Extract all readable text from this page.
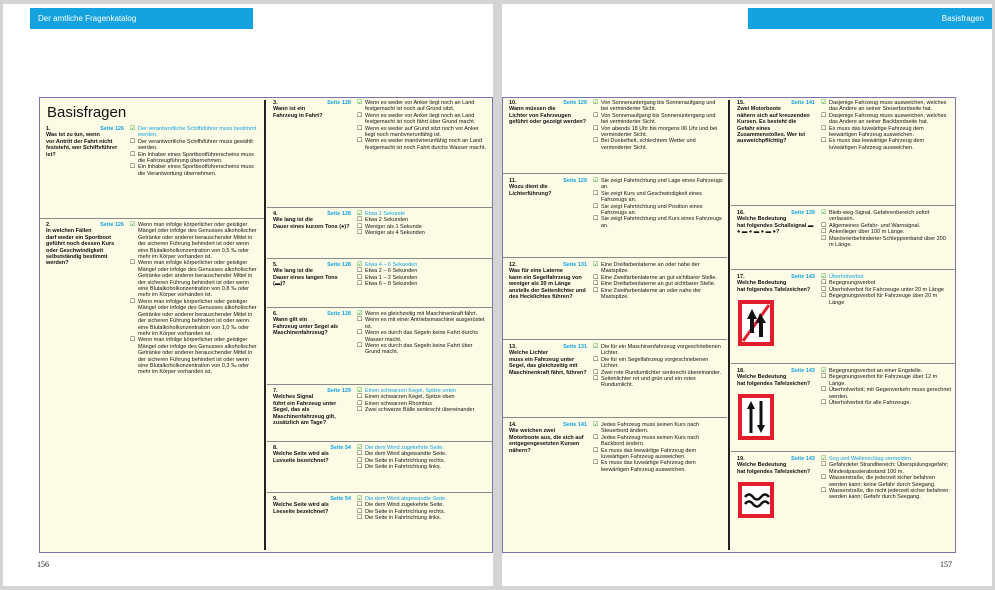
Der amtliche Fragenkatalog
Basisfragen
1.	Seite 126
Was ist zu tun, wenn vor Antritt der Fahrt nicht feststeht, wer Schiffsführer ist?
☑ Der verantwortliche Schiffsführer muss bestimmt werden.
☐ Der verantwortliche Schiffsführer muss gewählt werden.
☐ Ein Inhaber eines Sportbootführerscheins muss die Fahrzeugführung übernehmen.
☐ Ein Inhaber eines Sportbootführerscheins muss die Verantwortung übernehmen.
2.	Seite 126
In welchen Fällen darf weder ein Sportboot geführt noch dessen Kurs oder Geschwindigkeit selbstständig bestimmt werden?
☑ Wenn man infolge körperlicher oder geistiger Mängel oder infolge des Genusses alkoholischer Getränke oder anderer berauschender Mittel in der sicheren Führung behindert ist oder wenn eine Blutalkoholkonzentration von 0,5 ‰ oder mehr im Körper vorhanden ist.
☐ Wenn man infolge körperlicher oder geistiger Mängel oder infolge des Genusses alkoholischer Getränke oder anderer berauschender Mittel in der sicheren Führung behindert ist oder wenn eine Blutalkoholkonzentration von 0,8 ‰ oder mehr im Körper vorhanden ist.
☐ Wenn man infolge körperlicher oder geistiger Mängel oder infolge des Genusses alkoholischer Getränke oder anderer berauschender Mittel in der sicheren Führung behindert ist oder wenn eine Blutalkoholkonzentration von 1,0 ‰ oder mehr im Körper vorhanden ist.
☐ Wenn man infolge körperlicher oder geistiger Mängel oder infolge des Genusses alkoholischer Getränke oder anderer berauschender Mittel in der sicheren Führung behindert ist oder wenn eine Blutalkoholkonzentration von 0,3 ‰ oder mehr im Körper vorhanden ist.
3.	Seite 128
Wann ist ein Fahrzeug in Fahrt?
☑ Wenn es weder vor Anker liegt noch an Land festgemacht ist noch auf Grund sitzt.
☐ Wenn es weder vor Anker liegt noch an Land festgemacht ist noch fährt über Grund macht.
☐ Wenn es weder auf Grund sitzt noch vor Anker liegt noch manövrierunfähig ist.
☐ Wenn es weder manövrierunfähig noch an Land festgemacht ist noch Fahrt durchs Wasser macht.
4.	Seite 128
Wie lang ist die Dauer eines kurzen Tons (●)?
☑ Etwa 1 Sekunde
☐ Etwa 2 Sekunden
☐ Weniger als 1 Sekunde
☐ Weniger als 4 Sekunden
5.	Seite 128
Wie lang ist die Dauer eines langen Tons (▬)?
☑ Etwa 4 – 6 Sekunden
☐ Etwa 2 – 6 Sekunden
☐ Etwa 1 – 2 Sekunden
☐ Etwa 6 – 8 Sekunden
6.	Seite 128
Wann gilt ein Fahrzeug unter Segel als Maschinenfahrzeug?
☑ Wenn es gleichzeitig mit Maschinenkraft fährt.
☐ Wenn es mit einer Antriebsmaschine ausgerüstet ist.
☐ Wenn es durch das Segeln keine Fahrt durchs Wasser macht.
☐ Wenn es durch das Segeln keine Fahrt über Grund macht.
7.	Seite 129
Welches Signal führt ein Fahrzeug unter Segel, das als Maschinenfahrzeug gilt, zusätzlich am Tage?
☑ Einen schwarzen Kegel, Spitze unten
☐ Einen schwarzen Kegel, Spitze oben
☐ Einen schwarzen Rhombus
☐ Zwei schwarze Bälle senkrecht übereinander
8.	Seite 54
Welche Seite wird als Luvseite bezeichnet?
☑ Die dem Wind zugekehrte Seite.
☐ Die dem Wind abgewandte Seite.
☐ Die Seite in Fahrtrichtung rechts.
☐ Die Seite in Fahrtrichtung links.
9.	Seite 54
Welche Seite wird als Leeseite bezeichnet?
☑ Die dem Wind abgewandte Seite.
☐ Die dem Wind zugekehrte Seite.
☐ Die Seite in Fahrtrichtung rechts.
☐ Die Seite in Fahrtrichtung links.
156
Basisfragen
10.	Seite 129
Wann müssen die Lichter von Fahrzeugen geführt oder gezeigt werden?
☑ Von Sonnenuntergang bis Sonnenaufgang und bei verminderter Sicht.
☐ Von Sonnenaufgang bis Sonnenuntergang und bei verminderter Sicht.
☐ Von abends 18 Uhr bis morgens 06 Uhr und bei verminderter Sicht.
☐ Bei Dunkelheit, schlechtem Wetter und verminderter Sicht.
11.	Seite 129
Wozu dient die Lichterführung?
☑ Sie zeigt Fahrtrichtung und Lage eines Fahrzeugs an.
☐ Sie zeigt Kurs und Geschwindigkeit eines Fahrzeugs an.
☐ Sie zeigt Fahrtrichtung und Position eines Fahrzeugs an.
☐ Sie zeigt Fahrtrichtung und Kurs eines Fahrzeugs an.
12.	Seite 131
Was für eine Laterne kann ein Segelfahrzeug von weniger als 20 m Länge anstelle der Seitenlichter und des Hecklichtes führen?
☑ Eine Dreifarbenlaterne an oder nahe der Mastspitze.
☐ Eine Zweifarbenlaterne an gut sichtbarer Stelle.
☐ Eine Dreifarbenlaterne an gut sichtbarer Stelle.
☐ Eine Zweifarbenlaterne an oder nahe der Mastspitze.
13.	Seite 131
Welche Lichter muss ein Fahrzeug unter Segel, das gleichzeitig mit Maschinenkraft fährt, führen?
☑ Die für ein Maschinenfahrzeug vorgeschriebenen Lichter.
☐ Die für ein Segelfahrzeug vorgeschriebenen Lichter.
☐ Zwei rote Rundumlichter senkrecht übereinander.
☐ Seitenlichter rot und grün und ein rotes Rundumlicht.
14.	Seite 141
Wie weichen zwei Motorboote aus, die sich auf entgegengesetzten Kursen nähern?
☑ Jedes Fahrzeug muss seinen Kurs nach Steuerbord ändern.
☐ Jedes Fahrzeug muss seinen Kurs nach Backbord ändern.
☐ Es muss das leewärtige Fahrzeug dem luvwärtigen Fahrzeug ausweichen.
☐ Es muss das luvwärtige Fahrzeug dem leewärtigen Fahrzeug ausweichen.
15.	Seite 141
Zwei Motorboote nähern sich auf kreuzenden Kursen. Es besteht die Gefahr eines Zusammenstoßes. Wer ist ausweichpflichtig?
☑ Dasjenige Fahrzeug muss ausweichen, welches das Andere an seiner Steuerbordseite hat.
☐ Dasjenige Fahrzeug muss ausweichen, welches das Andere an seiner Backbordseite hat.
☐ Es muss das luvwärtige Fahrzeug dem leewärtigen Fahrzeug ausweichen.
☐ Es muss das leewärtige Fahrzeug dem luvwärtigen Fahrzeug ausweichen.
16.	Seite 139
Welche Bedeutung hat folgendes Schallsignal ▬ ● ▬ ● ▬ ● ▬ ●?
☑ Bleib-weg-Signal. Gefahrenbereich sofort verlassen.
☐ Allgemeines Gefahr- und Warnsignal.
☐ Ankerlieger über 100 m Länge.
☐ Manövrierbehinderter Schleppverband über 200 m Länge.
17.	Seite 143
Welche Bedeutung hat folgendes Tafelzeichen?
☑ Überholverbot
☐ Begegnungsverbot
☐ Überholverbot für Fahrzeuge unter 20 m Länge
☐ Begegnungsverbot für Fahrzeuge über 20 m Länge
18.	Seite 143
Welche Bedeutung hat folgendes Tafelzeichen?
☑ Begegnungsverbot an einer Engstelle.
☐ Begegnungsverbot für Fahrzeuge über 12 m Länge.
☐ Überholverbot; mit Gegenverkehr muss gerechnet werden.
☐ Überholverbot für alle Fahrzeuge.
19.	Seite 143
Welche Bedeutung hat folgendes Tafelzeichen?
☑ Sog und Wellenschlag vermeiden.
☐ Gefährdeter Strandbereich; Überspülungsgefahr; Mindestpassierabstand 100 m.
☐ Wasserstraße, die jederzeit sicher befahren werden kann; keine Gefahr durch Seegang.
☐ Wasserstraße, die nicht jederzeit sicher befahren werden kann; Gefahr durch Seegang.
157
